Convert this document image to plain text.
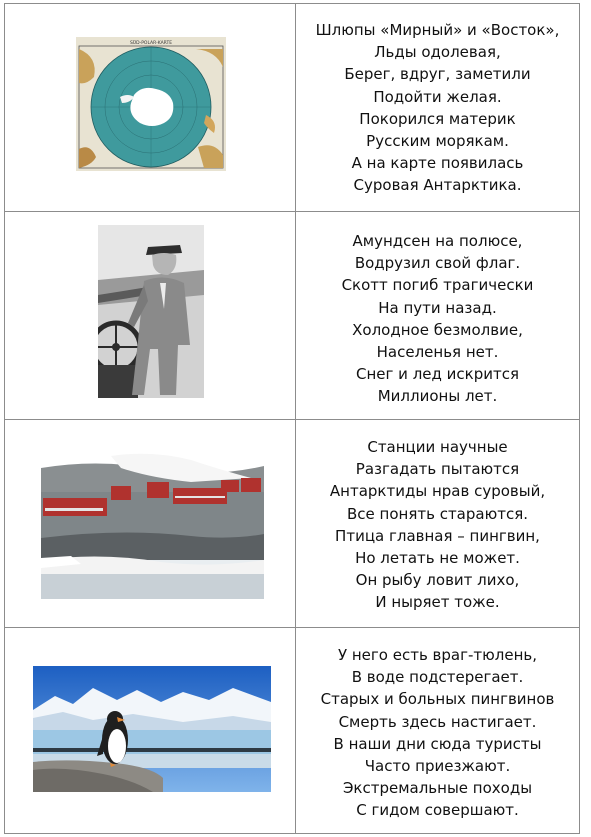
SÜD-POLAR-KARTE
Шлюпы «Мирный» и «Восток»,
Льды одолевая,
Берег, вдруг, заметили
Подойти желая.
Покорился материк
Русским морякам.
А на карте появилась
Суровая Антарктика.
Амундсен на полюсе,
Водрузил свой флаг.
Скотт погиб трагически
На пути назад.
Холодное безмолвие,
Населенья нет.
Снег и лед искрится
Миллионы лет.
Станции научные
Разгадать пытаются
Антарктиды нрав суровый,
Все понять стараются.
Птица главная – пингвин,
Но летать не может.
Он рыбу ловит лихо,
И ныряет тоже.
У него есть враг-тюлень,
В воде подстерегает.
Старых и больных пингвинов
Смерть здесь настигает.
В наши дни сюда туристы
Часто приезжают.
Экстремальные походы
С гидом совершают.
